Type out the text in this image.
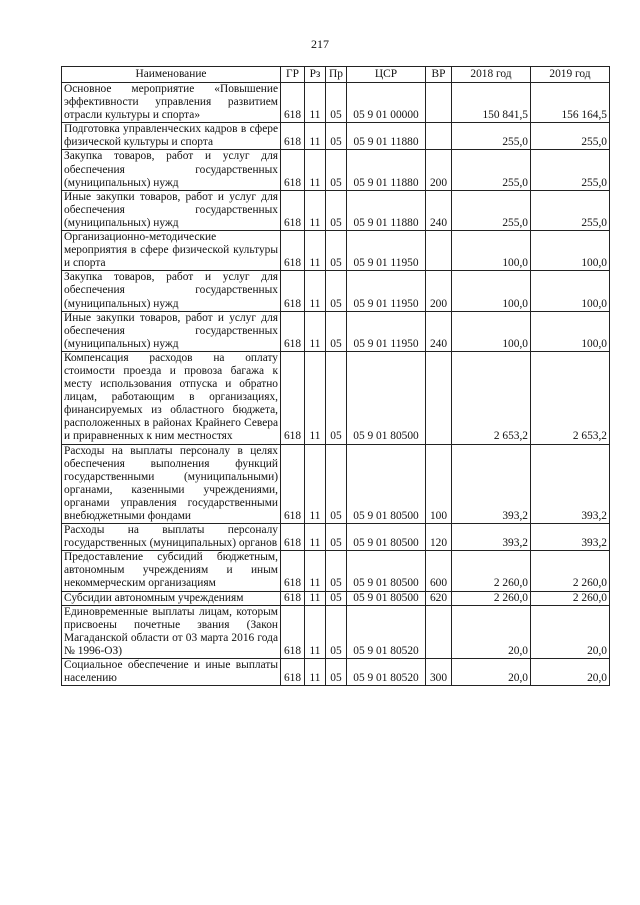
217
Наименование	ГР	Рз	Пр	ЦСР	ВР	2018 год	2019 год
Основное мероприятие «Повышение эффективности управления развитием отрасли культуры и спорта»	618	11	05	05 9 01 00000		150 841,5	156 164,5
Подготовка управленческих кадров в сфере физической культуры и спорта	618	11	05	05 9 01 11880		255,0	255,0
Закупка товаров, работ и услуг для обеспечения государственных (муниципальных) нужд	618	11	05	05 9 01 11880	200	255,0	255,0
Иные закупки товаров, работ и услуг для обеспечения государственных (муниципальных) нужд	618	11	05	05 9 01 11880	240	255,0	255,0
Организационно-методические мероприятия в сфере физической культуры и спорта	618	11	05	05 9 01 11950		100,0	100,0
Закупка товаров, работ и услуг для обеспечения государственных (муниципальных) нужд	618	11	05	05 9 01 11950	200	100,0	100,0
Иные закупки товаров, работ и услуг для обеспечения государственных (муниципальных) нужд	618	11	05	05 9 01 11950	240	100,0	100,0
Компенсация расходов на оплату стоимости проезда и провоза багажа к месту использования отпуска и обратно лицам, работающим в организациях, финансируемых из областного бюджета, расположенных в районах Крайнего Севера и приравненных к ним местностях	618	11	05	05 9 01 80500		2 653,2	2 653,2
Расходы на выплаты персоналу в целях обеспечения выполнения функций государственными (муниципальными) органами, казенными учреждениями, органами управления государственными внебюджетными фондами	618	11	05	05 9 01 80500	100	393,2	393,2
Расходы на выплаты персоналу государственных (муниципальных) органов	618	11	05	05 9 01 80500	120	393,2	393,2
Предоставление субсидий бюджетным, автономным учреждениям и иным некоммерческим организациям	618	11	05	05 9 01 80500	600	2 260,0	2 260,0
Субсидии автономным учреждениям	618	11	05	05 9 01 80500	620	2 260,0	2 260,0
Единовременные выплаты лицам, которым присвоены почетные звания (Закон Магаданской области от 03 марта 2016 года № 1996-ОЗ)	618	11	05	05 9 01 80520		20,0	20,0
Социальное обеспечение и иные выплаты населению	618	11	05	05 9 01 80520	300	20,0	20,0
